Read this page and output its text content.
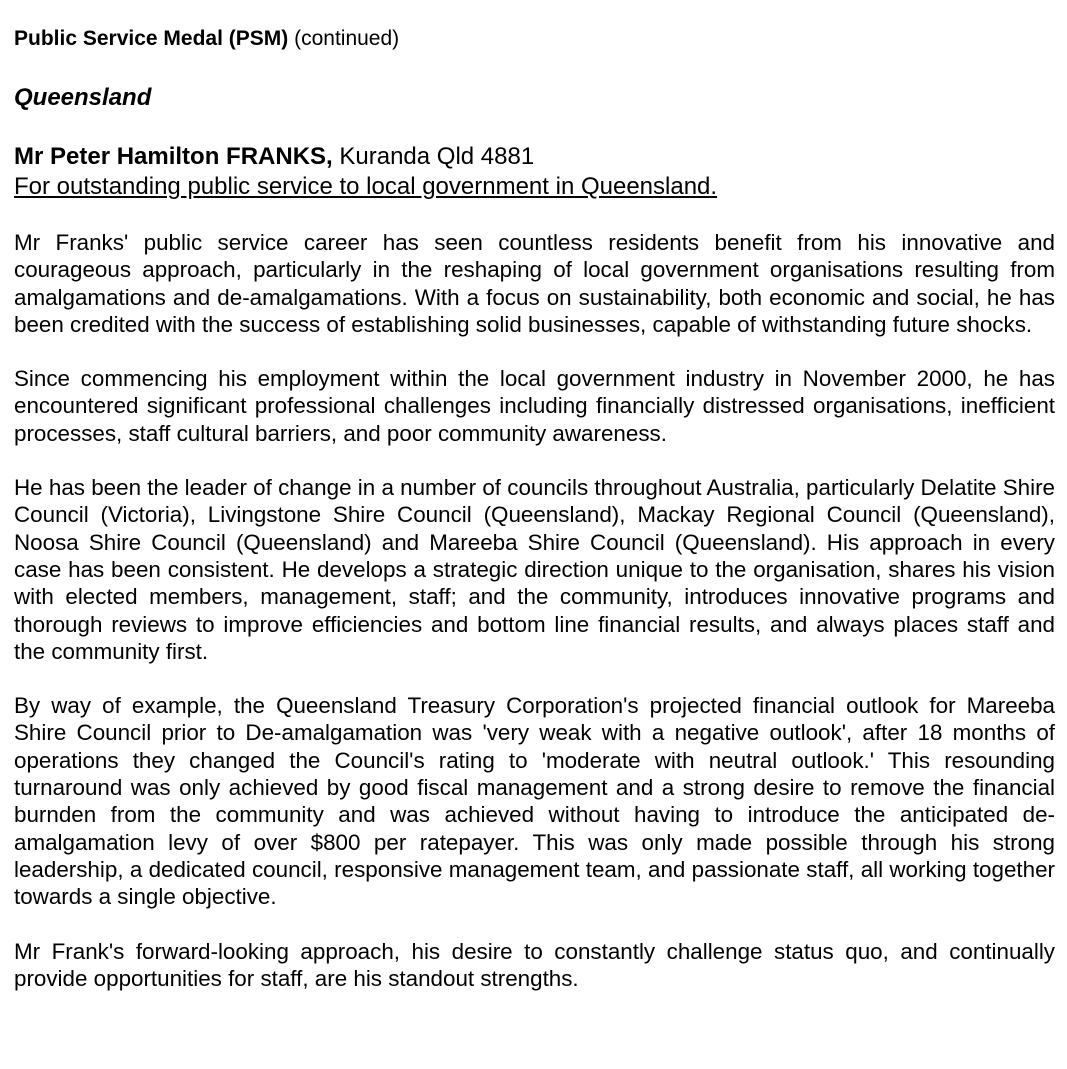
Public Service Medal (PSM) (continued)
Queensland
Mr Peter Hamilton FRANKS, Kuranda Qld 4881
For outstanding public service to local government in Queensland.

Mr Franks' public service career has seen countless residents benefit from his innovative and courageous approach, particularly in the reshaping of local government organisations resulting from amalgamations and de-amalgamations. With a focus on sustainability, both economic and social, he has been credited with the success of establishing solid businesses, capable of withstanding future shocks.

Since commencing his employment within the local government industry in November 2000, he has encountered significant professional challenges including financially distressed organisations, inefficient processes, staff cultural barriers, and poor community awareness.

He has been the leader of change in a number of councils throughout Australia, particularly Delatite Shire Council (Victoria), Livingstone Shire Council (Queensland), Mackay Regional Council (Queensland), Noosa Shire Council (Queensland) and Mareeba Shire Council (Queensland). His approach in every case has been consistent. He develops a strategic direction unique to the organisation, shares his vision with elected members, management, staff; and the community, introduces innovative programs and thorough reviews to improve efficiencies and bottom line financial results, and always places staff and the community first.

By way of example, the Queensland Treasury Corporation's projected financial outlook for Mareeba Shire Council prior to De-amalgamation was 'very weak with a negative outlook', after 18 months of operations they changed the Council's rating to 'moderate with neutral outlook.' This resounding turnaround was only achieved by good fiscal management and a strong desire to remove the financial burnden from the community and was achieved without having to introduce the anticipated de-amalgamation levy of over $800 per ratepayer. This was only made possible through his strong leadership, a dedicated council, responsive management team, and passionate staff, all working together towards a single objective.

Mr Frank's forward-looking approach, his desire to constantly challenge status quo, and continually provide opportunities for staff, are his standout strengths.
